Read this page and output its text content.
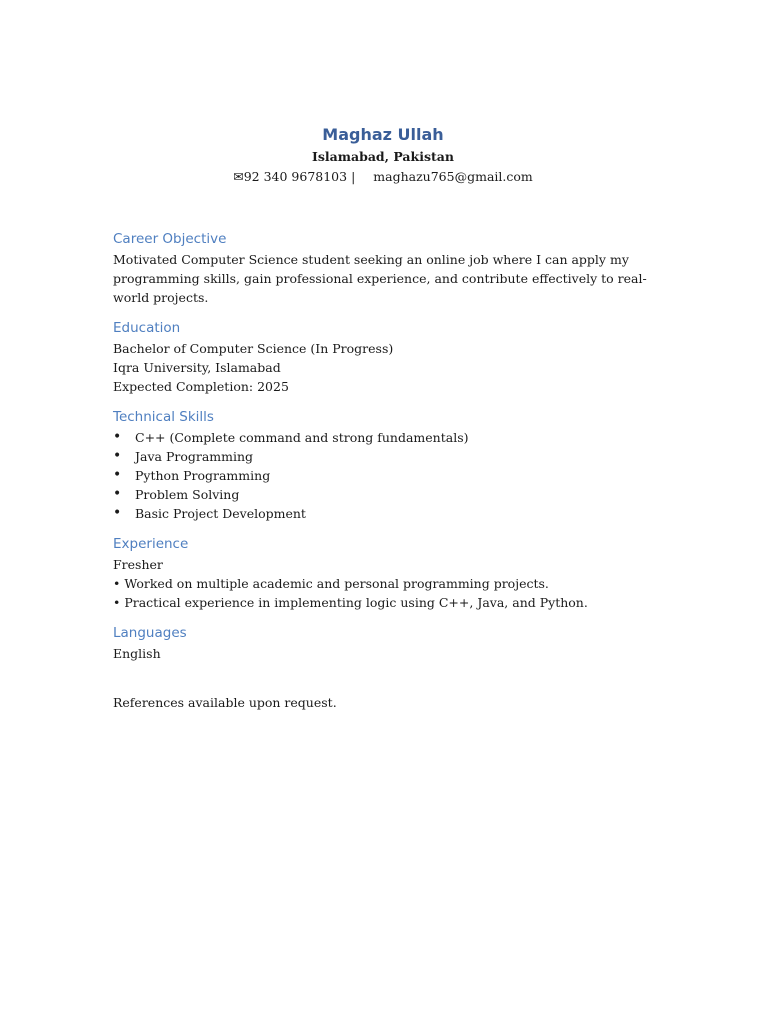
Maghaz Ullah

Islamabad, Pakistan

✉92 340 9678103 | maghazu765@gmail.com

Career Objective

Motivated Computer Science student seeking an online job where I can apply my programming skills, gain professional experience, and contribute effectively to real-world projects.

Education

Bachelor of Computer Science (In Progress)

Iqra University, Islamabad

Expected Completion: 2025

Technical Skills
• C++ (Complete command and strong fundamentals)
• Java Programming
• Python Programming
• Problem Solving
• Basic Project Development
Experience

Fresher

• Worked on multiple academic and personal programming projects.

• Practical experience in implementing logic using C++, Java, and Python.

Languages

English

References available upon request.
